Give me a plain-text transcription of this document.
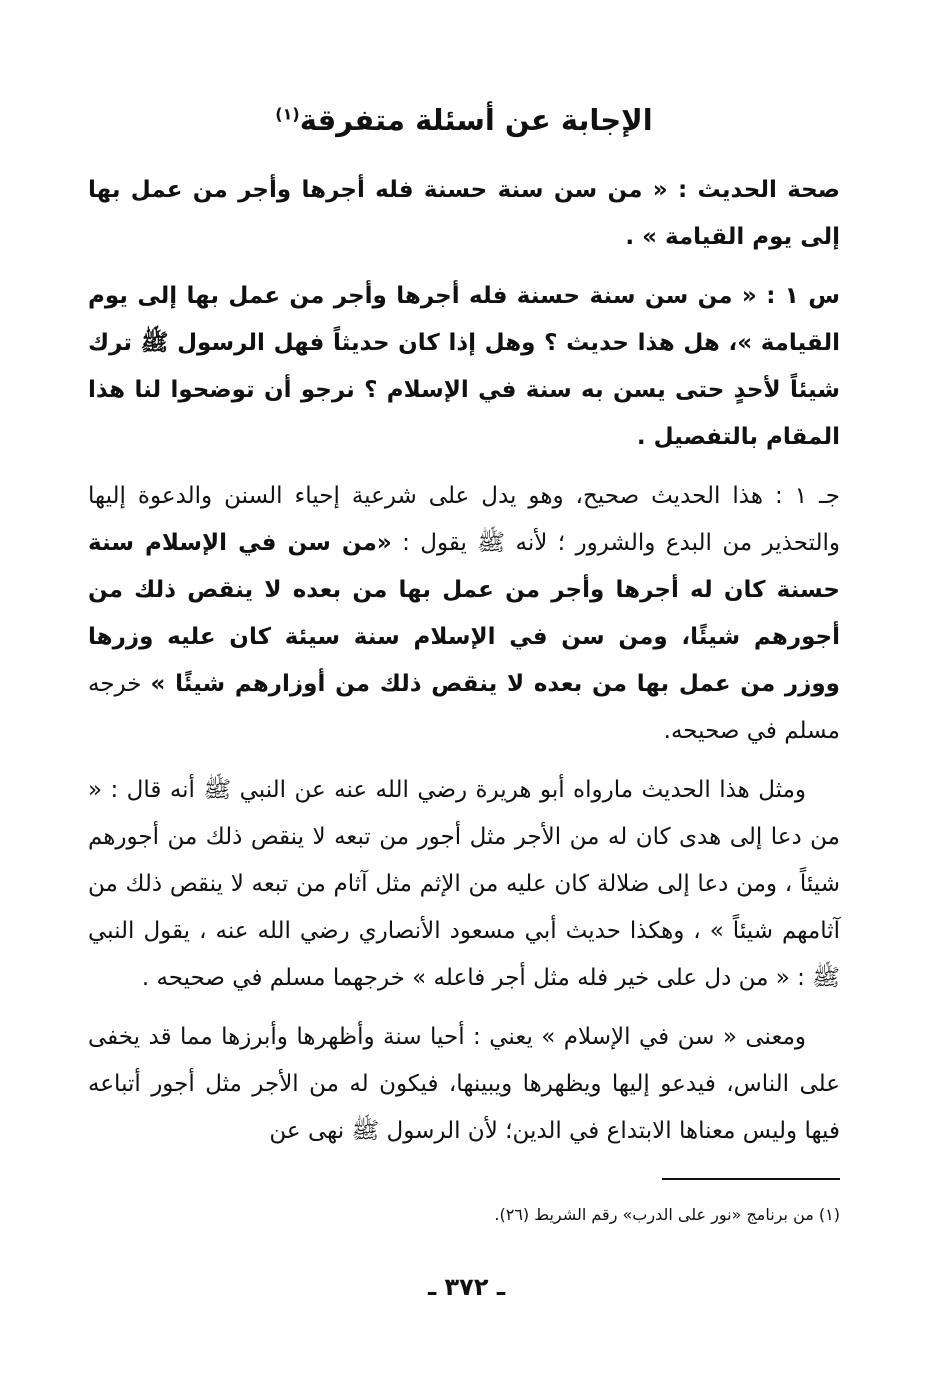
الإجابة عن أسئلة متفرقة$^{(١)}$

صحة الحديث : « من سن سنة حسنة فله أجرها وأجر من عمل بها إلى يوم القيامة » .

س ١ : « من سن سنة حسنة فله أجرها وأجر من عمل بها إلى يوم القيامة »، هل هذا حديث ؟ وهل إذا كان حديثاً فهل الرسول ﷺ ترك شيئاً لأحدٍ حتى يسن به سنة في الإسلام ؟ نرجو أن توضحوا لنا هذا المقام بالتفصيل .

جـ ١ : هذا الحديث صحيح، وهو يدل على شرعية إحياء السنن والدعوة إليها والتحذير من البدع والشرور ؛ لأنه ﷺ يقول : «من سن في الإسلام سنة حسنة كان له أجرها وأجر من عمل بها من بعده لا ينقص ذلك من أجورهم شيئًا، ومن سن في الإسلام سنة سيئة كان عليه وزرها ووزر من عمل بها من بعده لا ينقص ذلك من أوزارهم شيئًا » خرجه مسلم في صحيحه.

ومثل هذا الحديث مارواه أبو هريرة رضي الله عنه عن النبي ﷺ أنه قال : « من دعا إلى هدى كان له من الأجر مثل أجور من تبعه لا ينقص ذلك من أجورهم شيئاً ، ومن دعا إلى ضلالة كان عليه من الإثم مثل آثام من تبعه لا ينقص ذلك من آثامهم شيئاً » ، وهكذا حديث أبي مسعود الأنصاري رضي الله عنه ، يقول النبي ﷺ : « من دل على خير فله مثل أجر فاعله » خرجهما مسلم في صحيحه .

ومعنى « سن في الإسلام » يعني : أحيا سنة وأظهرها وأبرزها مما قد يخفى على الناس، فيدعو إليها ويظهرها ويبينها، فيكون له من الأجر مثل أجور أتباعه فيها وليس معناها الابتداع في الدين؛ لأن الرسول ﷺ نهى عن

(١) من برنامج «نور على الدرب» رقم الشريط (٢٦).
ـ ٣٧٢ ـ
